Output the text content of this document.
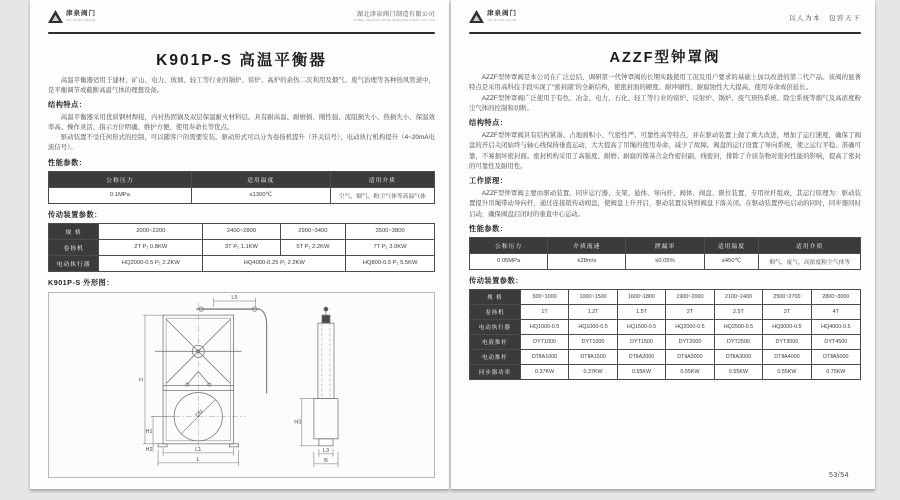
津泉阀门
JIN QUAN VALVE
湖北津泉阀门制造有限公司
HUBEI JINQUAN VALVE MANUFACTURING CO.,LTD
K901P-S 高温平衡器

高温平衡器适用于建材、矿山、电力、玻璃、轻工等行业的锅炉、窑炉、高炉的余热二次利用及烟气、废气治理等各种热风管道中，是平衡调节或截断高温气体的理想设备。

结构特点：

高温平衡器采用优质钢材焊接，内衬热固锅及双层保温耐火材料层。具有耐高温、耐磨损、刚性强、流阻损失小、热损失小、保温效率高、操作灵活、指示方位明确、维护方便、使用寿命长等优点。

驱动装置不受任何形式的控制，可以随客户的需要安装。驱动形式可以分为卷扬机提升（开关信号）、电动执行机构提升（4~20mA电流信号）。

性能参数：
公称压力	适用温度	适用介质
0.1MPa	≤1300℃	空气、烟气、粉尘气体等高温气体
传动装置参数：
规 格	2000~2200	2400~2800	2900~3400	3500~3800
卷扬机	2T P₁ 0.8KW	3T P₁ 1.1KW	5T P₁ 2.2KW	7T P₁ 3.0KW
电动执行器	HQ2000-0.5 P₁ 2.2KW	HQ4000-0.25 P₁ 2.2KW		HQ800-0.5 P₁ 5.5KW
K901P-S 外形图：
L5
H
DN
H1
H2	L1
L
H3
L3
B
津泉阀门
JIN QUAN VALVE	以人为本　包容天下
AZZF型钟罩阀

AZZF型钟罩阀是本公司在广泛总结、调研第一代钟罩阀的长期实践使用工况及用户要求的基础上加以改进的第二代产品。该阀的显著特点是采用高科技手段实现了“密封副”的全新结构，使密封面的硬度、耐冲刷性、耐腐蚀性大大提高，使用寿命成倍延长。

AZZF型钟罩阀广泛使用于有色、冶金、电力、石化、轻工等行业的窑炉、反射炉、锅炉、废气预热系统、除尘系统等烟气及高浓度粉尘气体的控制和切断。

结构特点：

AZZF型钟罩阀具有结构紧凑、占地面积小、气密性严、可靠性高等特点，并在驱动装置上做了重大改进，增加了运行速度，确保了阀盘的开启关闭始终与轴心线保持垂直运动，大大提高了吊绳的使用寿命，减少了故障。阀盘的运行设置了导向系统，使之运行平稳、准确可靠，不易损坏密封面。密封机构采用了高强度、耐磨、耐腐的镍基合金作密封副，线密封，排除了介质杂物对密封性能的影响，提高了密封的可靠性及耐用性。

工作原理：

AZZF型钟罩阀主要由驱动装置、同步运行器、支架、悬体、导向杆、阀体、阀盘、限位装置、专用丝杆组成，其运行原理为：驱动装置提升吊绳带动导向杆，通过连接销传动阀盘，使阀盘上升开启，驱动装置反转则阀盘下落关闭。在驱动装置停电启动的同时，同步器同时启动，确保阀盘启闭时的垂直中心运动。

性能参数：
公称压力	介质流速	泄漏率	适用温度	适用介质
0.05MPa	≤28m/s	≤0.05%	≤450℃	烟气、废气、高浓度粉尘气体等
传动装置参数：
规 格	500~1000	1000~1500	1600~1800	1900~2000	2100~2400	2500~2700	2800~3000
卷扬机	1T	1.2T	1.5T	2T	2.5T	3T	4T
电动执行器	HQ1000-0.5	HQ1000-0.5	HQ1500-0.5	HQ2000-0.5	HQ2500-0.5	HQ3000-0.5	HQ4000-0.5
电液推杆	DYT1000	DYT1000	DYT1500	DYT2000	DYT2500	DYT3000	DYT4500
电动推杆	DTⅡA1000	DTⅡA1500	DTⅡA2000	DTⅡA3000	DTⅡA3000	DTⅡA4000	DTⅡA5000
同步器功率	0.37KW	0.37KW	0.55KW	0.55KW	0.55KW	0.55KW	0.75KW
53/54
